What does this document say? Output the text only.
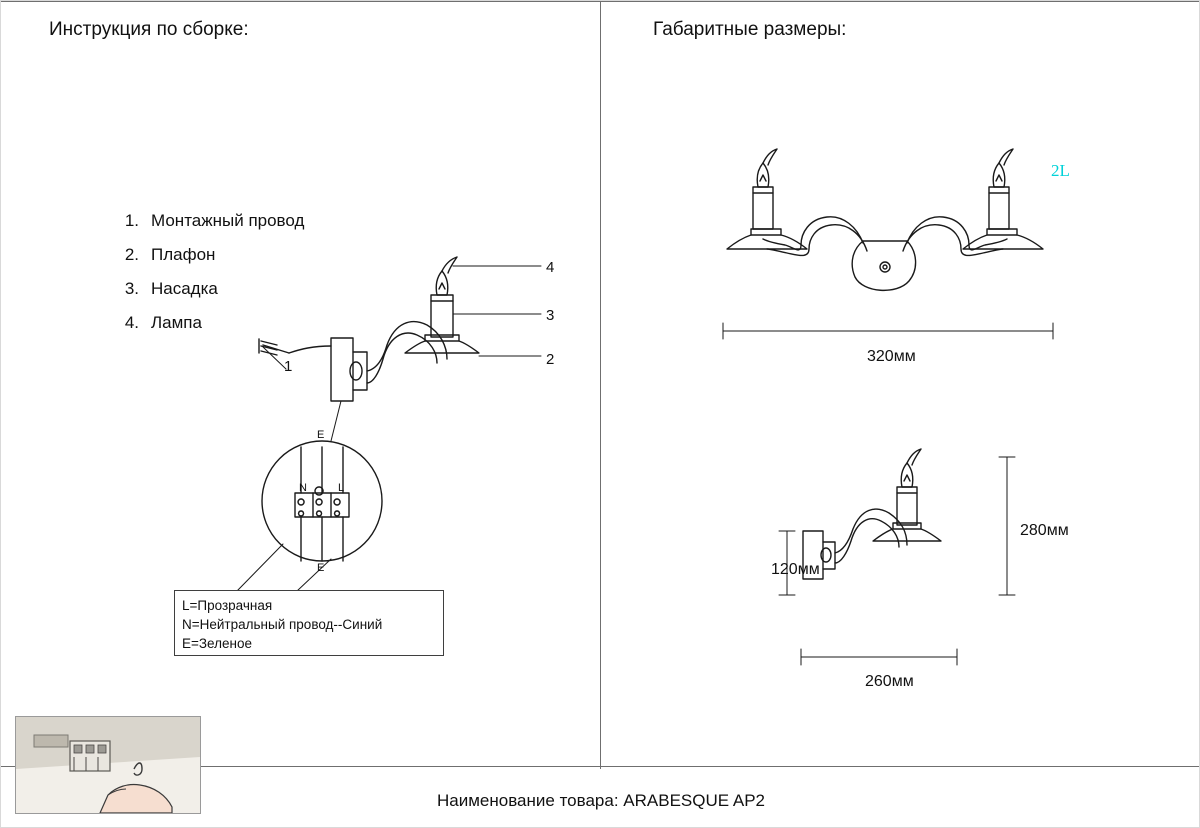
Инструкция по сборке:	Габаритные размеры:
1. Монтажный провод
2. Плафон
3. Насадка
4. Лампа
1	2
3
4
E
E
N	L
L=Прозрачная
N=Нейтральный провод--Синий
E=Зеленое
2L
320мм
280мм
120мм
260мм
Наименование товара: ARABESQUE AP2
